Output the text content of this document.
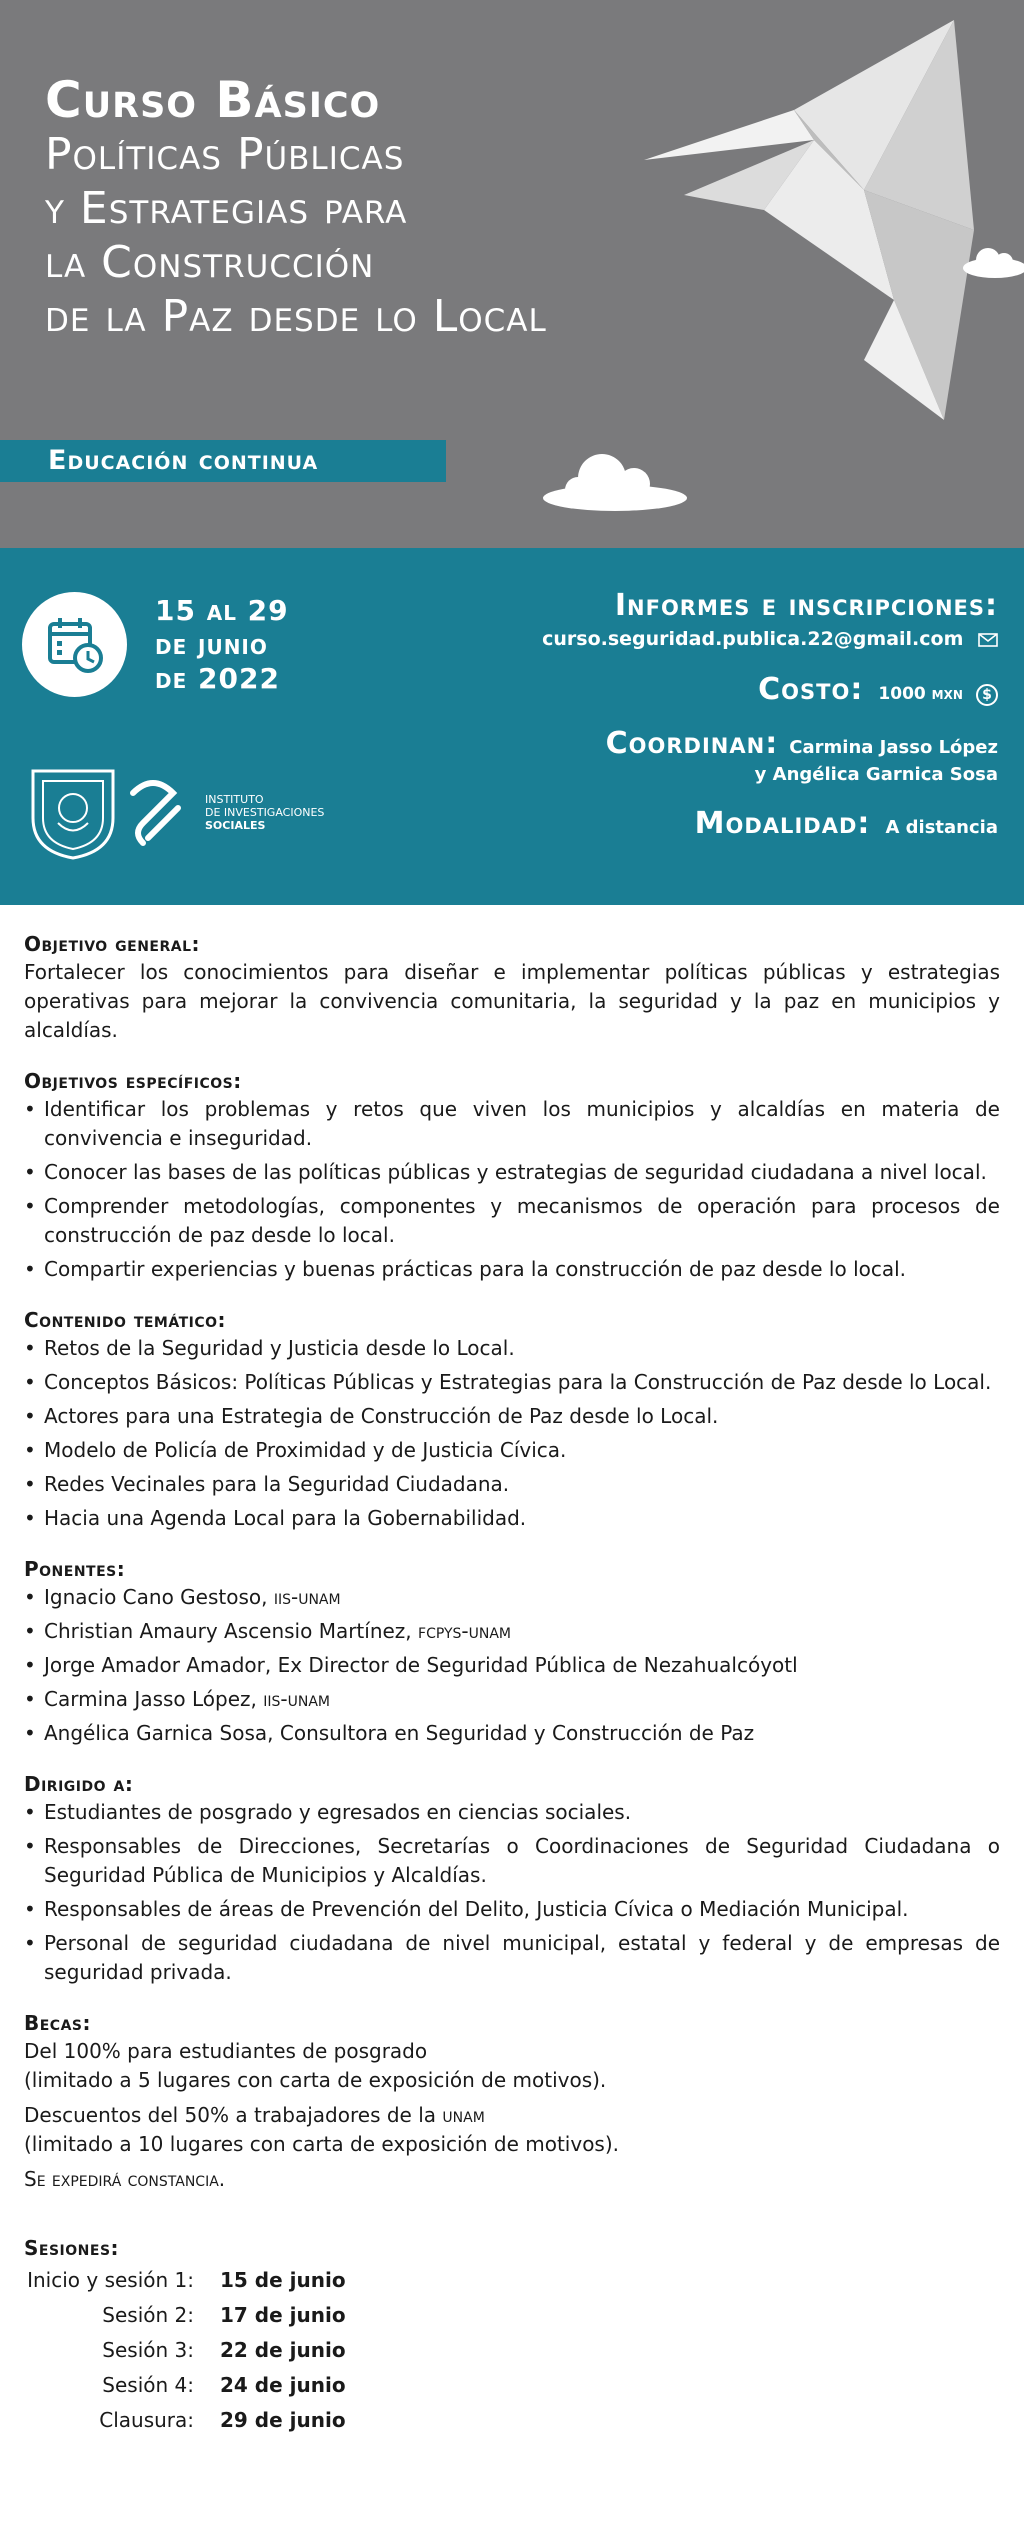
Curso Básico
Políticas Públicas
y Estrategias para
la Construcción
de la Paz desde lo Local
Educación continua
15 al 29
de junio
de 2022
INSTITUTO
DE INVESTIGACIONES
SOCIALES
Informes e inscripciones:
curso.seguridad.publica.22@gmail.com
Costo: 1000 mxn $
Coordinan: Carmina Jasso López
y Angélica Garnica Sosa
Modalidad: A distancia
Objetivo general:
Fortalecer los conocimientos para diseñar e implementar políticas públicas y estrategias operativas para mejorar la convivencia comunitaria, la seguridad y la paz en municipios y alcaldías.
Objetivos específicos:
• Identificar los problemas y retos que viven los municipios y alcaldías en materia de convivencia e inseguridad.
• Conocer las bases de las políticas públicas y estrategias de seguridad ciudadana a nivel local.
• Comprender metodologías, componentes y mecanismos de operación para procesos de construcción de paz desde lo local.
• Compartir experiencias y buenas prácticas para la construcción de paz desde lo local.
Contenido temático:
• Retos de la Seguridad y Justicia desde lo Local.
• Conceptos Básicos: Políticas Públicas y Estrategias para la Construcción de Paz desde lo Local.
• Actores para una Estrategia de Construcción de Paz desde lo Local.
• Modelo de Policía de Proximidad y de Justicia Cívica.
• Redes Vecinales para la Seguridad Ciudadana.
• Hacia una Agenda Local para la Gobernabilidad.
Ponentes:
• Ignacio Cano Gestoso, iis-unam
• Christian Amaury Ascensio Martínez, fcpys-unam
• Jorge Amador Amador, Ex Director de Seguridad Pública de Nezahualcóyotl
• Carmina Jasso López, iis-unam
• Angélica Garnica Sosa, Consultora en Seguridad y Construcción de Paz
Dirigido a:
• Estudiantes de posgrado y egresados en ciencias sociales.
• Responsables de Direcciones, Secretarías o Coordinaciones de Seguridad Ciudadana o Seguridad Pública de Municipios y Alcaldías.
• Responsables de áreas de Prevención del Delito, Justicia Cívica o Mediación Municipal.
• Personal de seguridad ciudadana de nivel municipal, estatal y federal y de empresas de seguridad privada.
Becas:
Del 100% para estudiantes de posgrado
(limitado a 5 lugares con carta de exposición de motivos).
Descuentos del 50% a trabajadores de la unam
(limitado a 10 lugares con carta de exposición de motivos).
Se expedirá constancia.
Sesiones:
Inicio y sesión 1: 15 de junio
Sesión 2: 17 de junio
Sesión 3: 22 de junio
Sesión 4: 24 de junio
Clausura: 29 de junio
